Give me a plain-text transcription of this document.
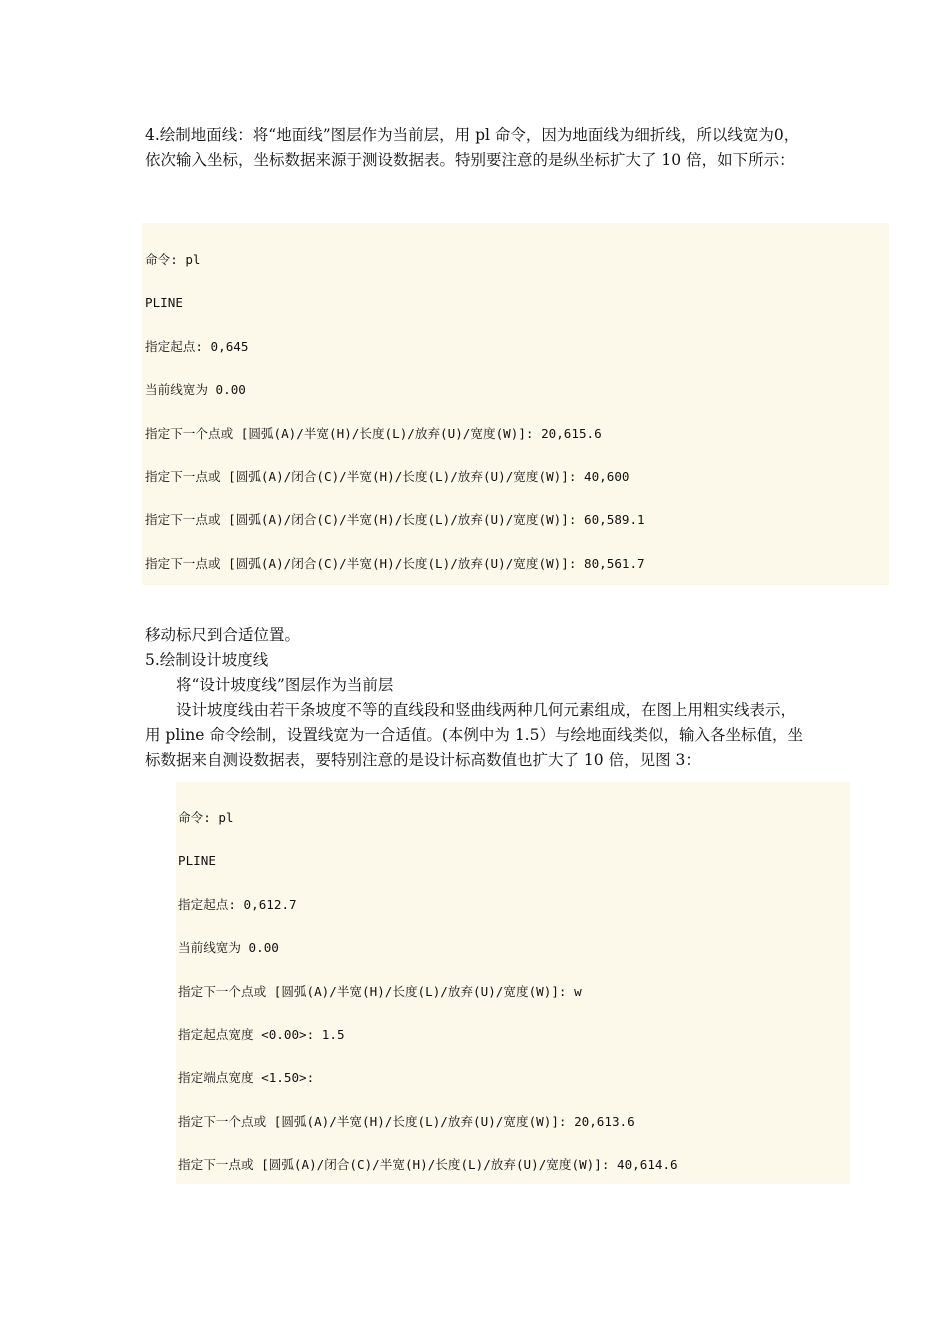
4.绘制地面线：将“地面线”图层作为当前层，用 pl 命令，因为地面线为细折线，所以线宽为0，依次输入坐标，坐标数据来源于测设数据表。特别要注意的是纵坐标扩大了 10 倍，如下所示：

命令: pl

PLINE

指定起点: 0,645

当前线宽为 0.00

指定下一个点或 [圆弧(A)/半宽(H)/长度(L)/放弃(U)/宽度(W)]: 20,615.6

指定下一点或 [圆弧(A)/闭合(C)/半宽(H)/长度(L)/放弃(U)/宽度(W)]: 40,600

指定下一点或 [圆弧(A)/闭合(C)/半宽(H)/长度(L)/放弃(U)/宽度(W)]: 60,589.1

指定下一点或 [圆弧(A)/闭合(C)/半宽(H)/长度(L)/放弃(U)/宽度(W)]: 80,561.7

移动标尺到合适位置。

5.绘制设计坡度线

将“设计坡度线”图层作为当前层

设计坡度线由若干条坡度不等的直线段和竖曲线两种几何元素组成，在图上用粗实线表示，用 pline 命令绘制，设置线宽为一合适值。(本例中为 1.5）与绘地面线类似，输入各坐标值，坐标数据来自测设数据表，要特别注意的是设计标高数值也扩大了 10 倍，见图 3：

命令: pl

PLINE

指定起点: 0,612.7

当前线宽为 0.00

指定下一个点或 [圆弧(A)/半宽(H)/长度(L)/放弃(U)/宽度(W)]: w

指定起点宽度 <0.00>: 1.5

指定端点宽度 <1.50>:

指定下一个点或 [圆弧(A)/半宽(H)/长度(L)/放弃(U)/宽度(W)]: 20,613.6

指定下一点或 [圆弧(A)/闭合(C)/半宽(H)/长度(L)/放弃(U)/宽度(W)]: 40,614.6
